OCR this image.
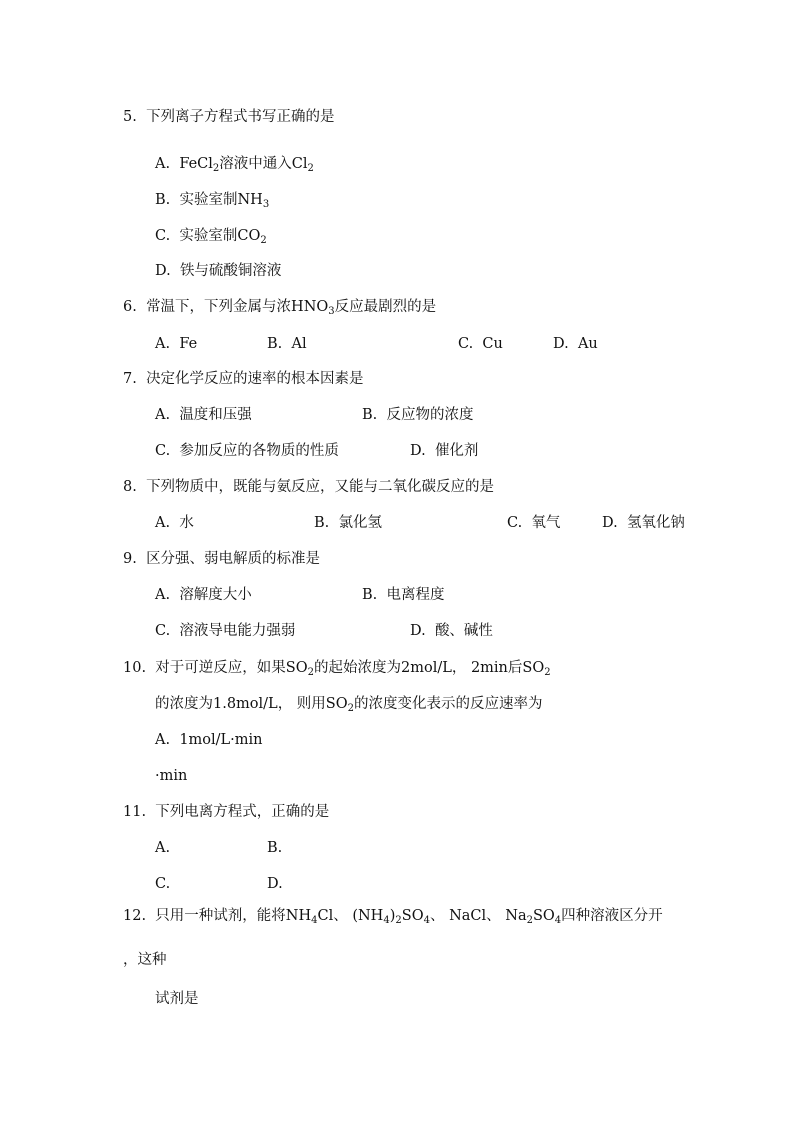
5. 下列离子方程式书写正确的是
A. FeCl$_2$溶液中通入$Cl_2$
B. 实验室制$NH_3$
C. 实验室制$CO_2$
D. 铁与硫酸铜溶液
6. 常温下，下列金属与浓$HNO_3$反应最剧烈的是
A. Fe	B. Al	C. Cu	D. Au
7. 决定化学反应的速率的根本因素是
A. 温度和压强	B. 反应物的浓度
C. 参加反应的各物质的性质	D. 催化剂
8. 下列物质中，既能与氨反应，又能与二氧化碳反应的是
A. 水	B. 氯化氢	C. 氧气	D. 氢氧化钠
9. 区分强、弱电解质的标准是
A. 溶解度大小	B. 电离程度
C. 溶液导电能力强弱	D. 酸、碱性
10. 对于可逆反应，如果$SO_2$的起始浓度为2mol/L， 2min后$SO_2$
的浓度为1.8mol/L， 则用$SO_2$的浓度变化表示的反应速率为
A. 1mol/L·min
·min
11. 下列电离方程式，正确的是
A.	B.
C.	D.
12. 只用一种试剂，能将$NH_4Cl$、 $(NH_4)_2SO_4$、 NaCl、 $Na_2SO_4$四种溶液区分开
，这种
试剂是
